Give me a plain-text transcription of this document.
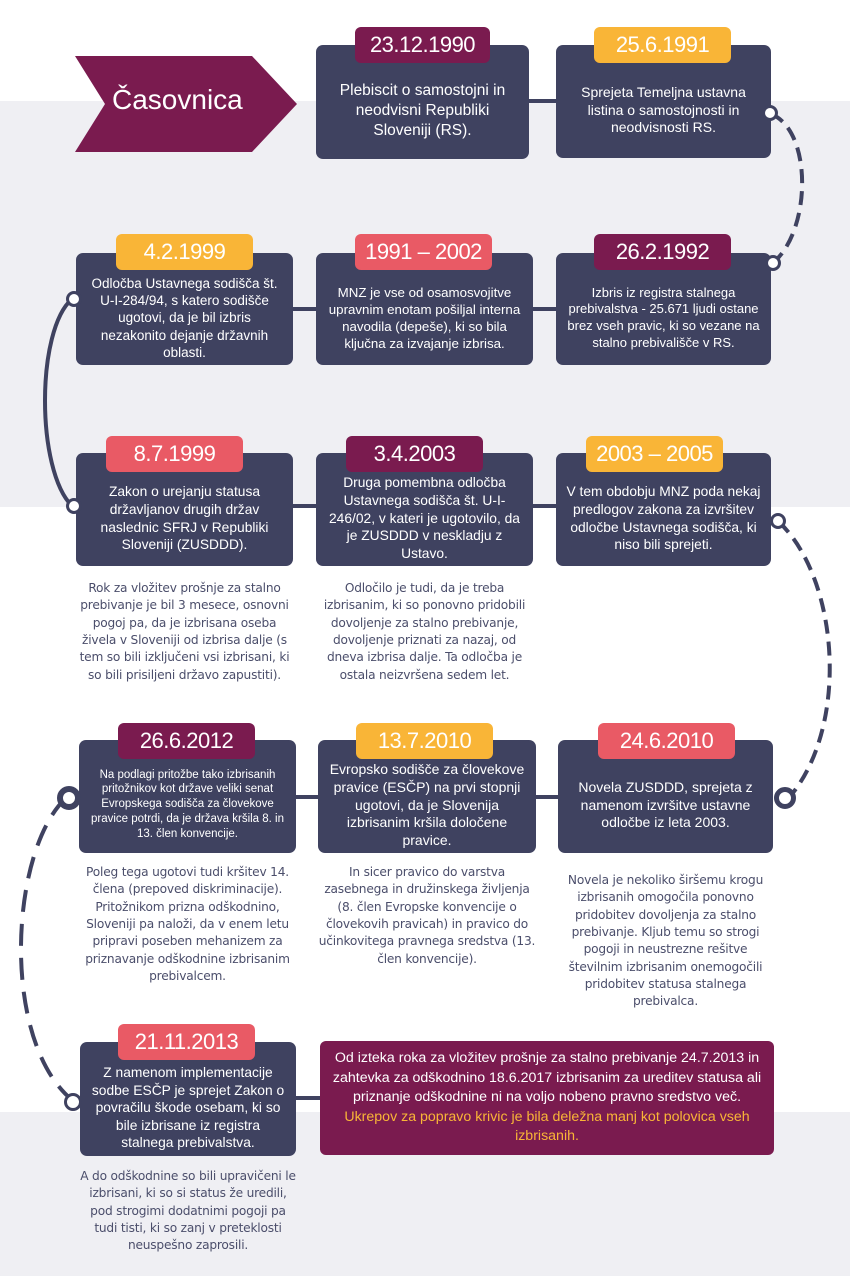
Časovnica	Plebiscit o samostojni in neodvisni Republiki Sloveniji (RS).
23.12.1990
Sprejeta Temeljna ustavna listina o samostojnosti in neodvisnosti RS.
25.6.1991
Izbris iz registra stalnega prebivalstva - 25.671 ljudi ostane brez vseh pravic, ki so vezane na stalno prebivališče v RS.
26.2.1992
MNZ je vse od osamosvojitve upravnim enotam pošiljal interna navodila (depeše), ki so bila ključna za izvajanje izbrisa.
1991 – 2002
Odločba Ustavnega sodišča št. U-I-284/94, s katero sodišče ugotovi, da je bil izbris nezakonito dejanje državnih oblasti.
4.2.1999
Zakon o urejanju statusa državljanov drugih držav naslednic SFRJ v Republiki Sloveniji (ZUSDDD).
8.7.1999
Rok za vložitev prošnje za stalno prebivanje je bil 3 mesece, osnovni pogoj pa, da je izbrisana oseba živela v Sloveniji od izbrisa dalje (s tem so bili izključeni vsi izbrisani, ki so bili prisiljeni državo zapustiti).
Druga pomembna odločba Ustavnega sodišča št. U-I-246/02, v kateri je ugotovilo, da je ZUSDDD v neskladju z Ustavo.
3.4.2003
Odločilo je tudi, da je treba izbrisanim, ki so ponovno pridobili dovoljenje za stalno prebivanje, dovoljenje priznati za nazaj, od dneva izbrisa dalje. Ta odločba je ostala neizvršena sedem let.
V tem obdobju MNZ poda nekaj predlogov zakona za izvršitev odločbe Ustavnega sodišča, ki niso bili sprejeti.
2003 – 2005
Novela ZUSDDD, sprejeta z namenom izvršitve ustavne odločbe iz leta 2003.
24.6.2010
Novela je nekoliko širšemu krogu izbrisanih omogočila ponovno pridobitev dovoljenja za stalno prebivanje. Kljub temu so strogi pogoji in neustrezne rešitve številnim izbrisanim onemogočili pridobitev statusa stalnega prebivalca.
Evropsko sodišče za človekove pravice (ESČP) na prvi stopnji ugotovi, da je Slovenija izbrisanim kršila določene pravice.
13.7.2010
In sicer pravico do varstva zasebnega in družinskega življenja (8. člen Evropske konvencije o človekovih pravicah) in pravico do učinkovitega pravnega sredstva (13. člen konvencije).
Na podlagi pritožbe tako izbrisanih pritožnikov kot države veliki senat Evropskega sodišča za človekove pravice potrdi, da je država kršila 8. in 13. člen konvencije.
26.6.2012
Poleg tega ugotovi tudi kršitev 14. člena (prepoved diskriminacije). Pritožnikom prizna odškodnino, Sloveniji pa naloži, da v enem letu pripravi poseben mehanizem za priznavanje odškodnine izbrisanim prebivalcem.
Z namenom implementacije sodbe ESČP je sprejet Zakon o povračilu škode osebam, ki so bile izbrisane iz registra stalnega prebivalstva.
21.11.2013
A do odškodnine so bili upravičeni le izbrisani, ki so si status že uredili, pod strogimi dodatnimi pogoji pa tudi tisti, ki so zanj v preteklosti neuspešno zaprosili.
Od izteka roka za vložitev prošnje za stalno prebivanje 24.7.2013 in zahtevka za odškodnino 18.6.2017 izbrisanim za ureditev statusa ali priznanje odškodnine ni na voljo nobeno pravno sredstvo več. Ukrepov za popravo krivic je bila deležna manj kot polovica vseh izbrisanih.
